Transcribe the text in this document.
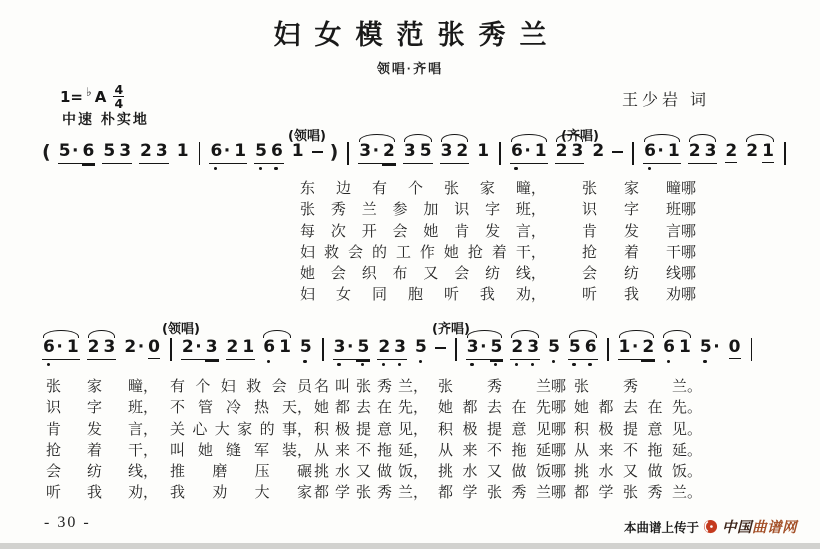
妇女模范张秀兰
领唱·齐唱
1= ♭ A 4
4
中速 朴实地
王少岩 词
(领唱)	(齐唱)
( 5· 6 5 3 2 3 1 6· 1 5 6 1 ) 3· 2 3 5 3 2 1 6· 1 2 3 2 6· 1 2 3 2 2 1
东 边 有 个 张 家 疃， 张 家 疃哪
张 秀 兰 参 加 识 字 班， 识 字 班哪
每 次 开 会 她 肯 发 言， 肯 发 言哪
妇 救 会 的 工 作 她 抢 着 干， 抢 着 干哪
她 会 织 布 又 会 纺 线， 会 纺 线哪
妇 女 同 胞 听 我 劝， 听 我 劝哪
(领唱)	(齐唱)
6· 1 2 3 2· 0 2· 3 2 1 6 1 5 3· 5 2 3 5 3· 5 2 3 5 5 6 1· 2 6 1 5· 0
张 家 疃， 有 个 妇 救 会 员 名 叫 张 秀 兰， 张 秀 兰哪 张 秀 兰。
识 字 班， 不 管 冷 热 天， 她 都 去 在 先， 她 都 去 在 先哪 她 都 去 在 先。
肯 发 言， 关 心 大 家 的 事， 积 极 提 意 见， 积 极 提 意 见哪 积 极 提 意 见。
抢 着 干， 叫 她 缝 军 装， 从 来 不 拖 延， 从 来 不 拖 延哪 从 来 不 拖 延。
会 纺 线， 推 磨 压 碾 挑 水 又 做 饭， 挑 水 又 做 饭哪 挑 水 又 做 饭。
听 我 劝， 我 劝 大 家 都 学 张 秀 兰， 都 学 张 秀 兰哪 都 学 张 秀 兰。
- 30 -	本曲谱上传于 中国曲谱网
